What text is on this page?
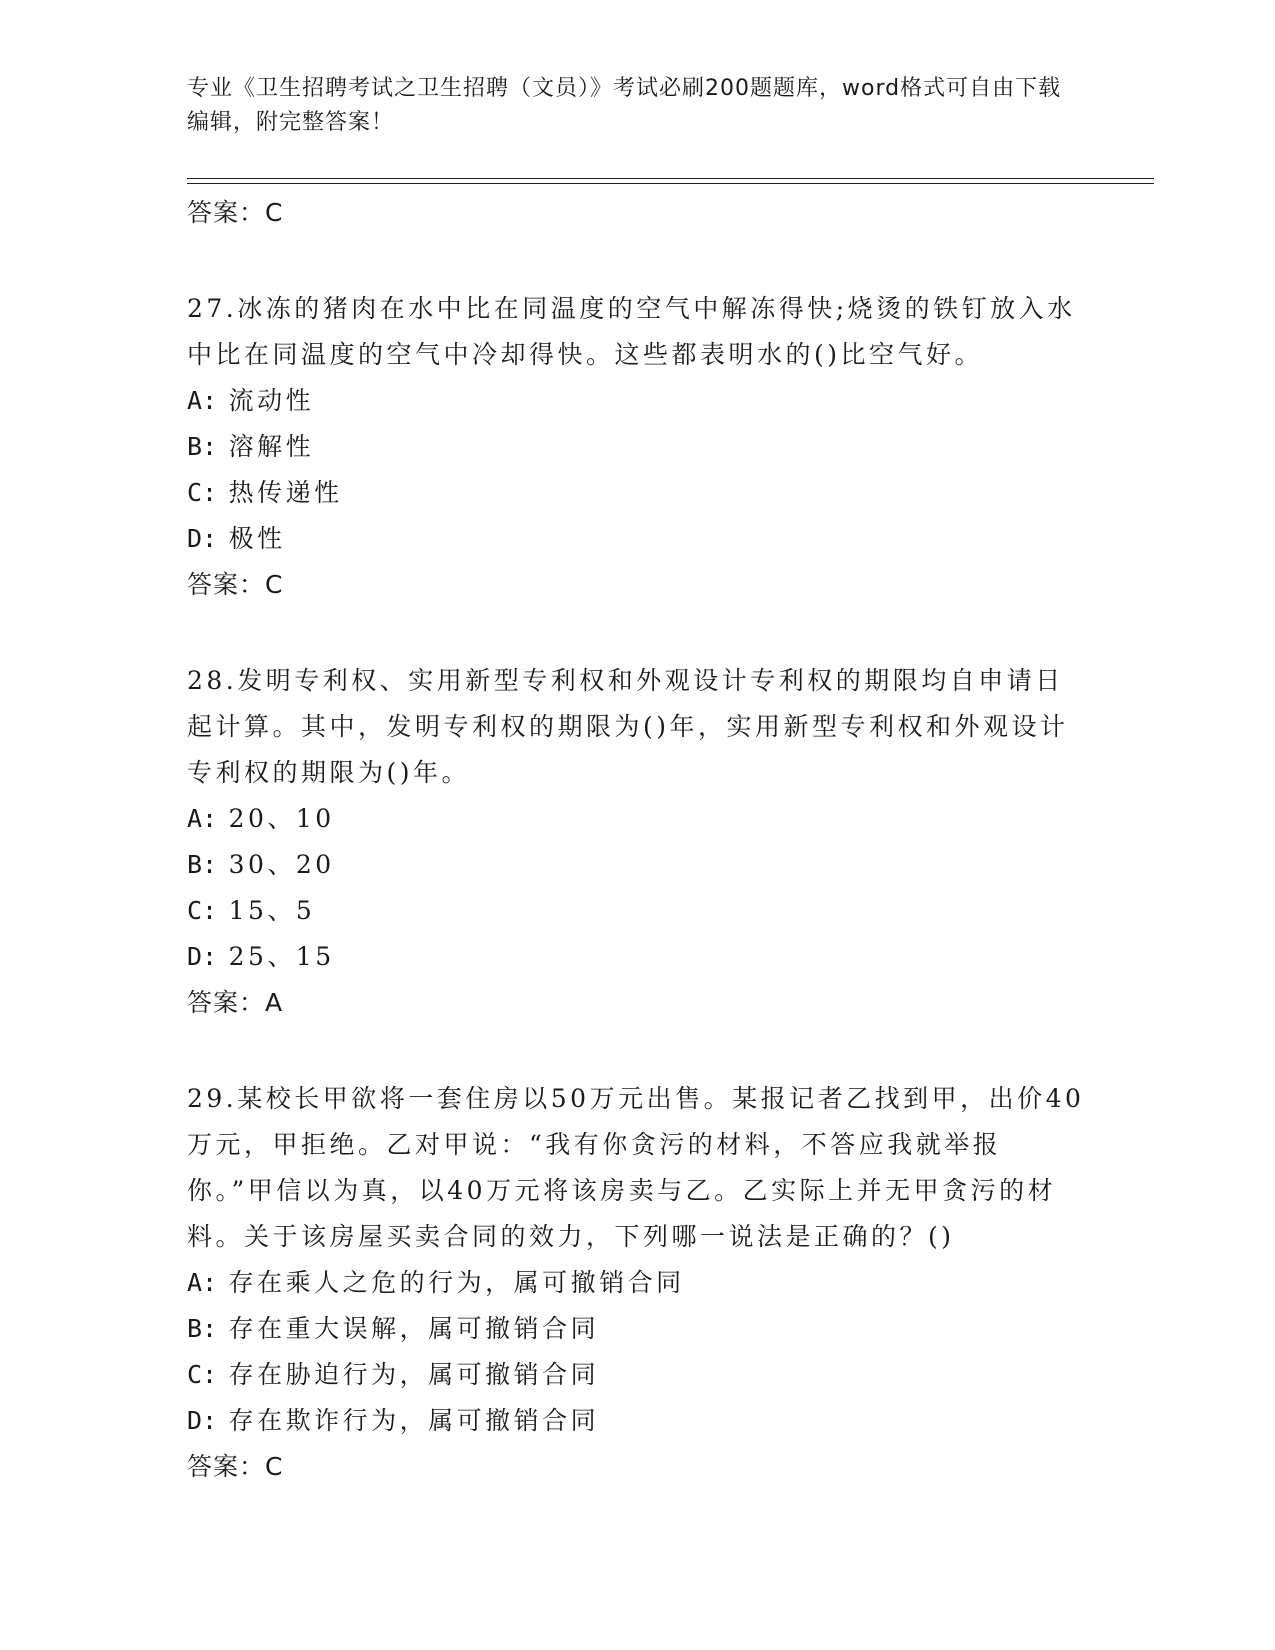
专业《卫生招聘考试之卫生招聘（文员）》考试必刷200题题库，word格式可自由下载编辑，附完整答案！
答案：C
27.冰冻的猪肉在水中比在同温度的空气中解冻得快;烧烫的铁钉放入水中比在同温度的空气中冷却得快。这些都表明水的()比空气好。
A: 流动性
B: 溶解性
C: 热传递性
D: 极性
答案：C
28.发明专利权、实用新型专利权和外观设计专利权的期限均自申请日起计算。其中，发明专利权的期限为()年，实用新型专利权和外观设计专利权的期限为()年。
A: 20、10
B: 30、20
C: 15、5
D: 25、15
答案：A
29.某校长甲欲将一套住房以50万元出售。某报记者乙找到甲，出价40万元，甲拒绝。乙对甲说：“我有你贪污的材料，不答应我就举报你。”甲信以为真，以40万元将该房卖与乙。乙实际上并无甲贪污的材料。关于该房屋买卖合同的效力，下列哪一说法是正确的？()
A: 存在乘人之危的行为，属可撤销合同
B: 存在重大误解，属可撤销合同
C: 存在胁迫行为，属可撤销合同
D: 存在欺诈行为，属可撤销合同
答案：C
